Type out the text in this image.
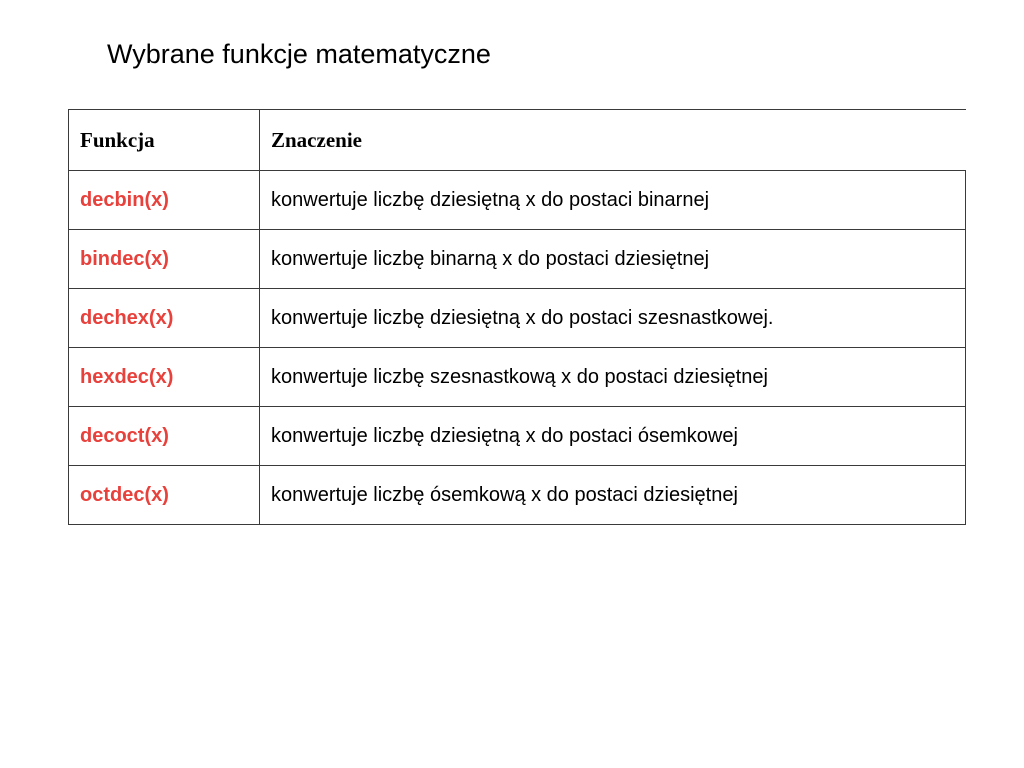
Wybrane funkcje matematyczne
Funkcja	Znaczenie
decbin(x)	konwertuje liczbę dziesiętną x do postaci binarnej
bindec(x)	konwertuje liczbę binarną x do postaci dziesiętnej
dechex(x)	konwertuje liczbę dziesiętną x do postaci szesnastkowej.
hexdec(x)	konwertuje liczbę szesnastkową x do postaci dziesiętnej
decoct(x)	konwertuje liczbę dziesiętną x do postaci ósemkowej
octdec(x)	konwertuje liczbę ósemkową x do postaci dziesiętnej
